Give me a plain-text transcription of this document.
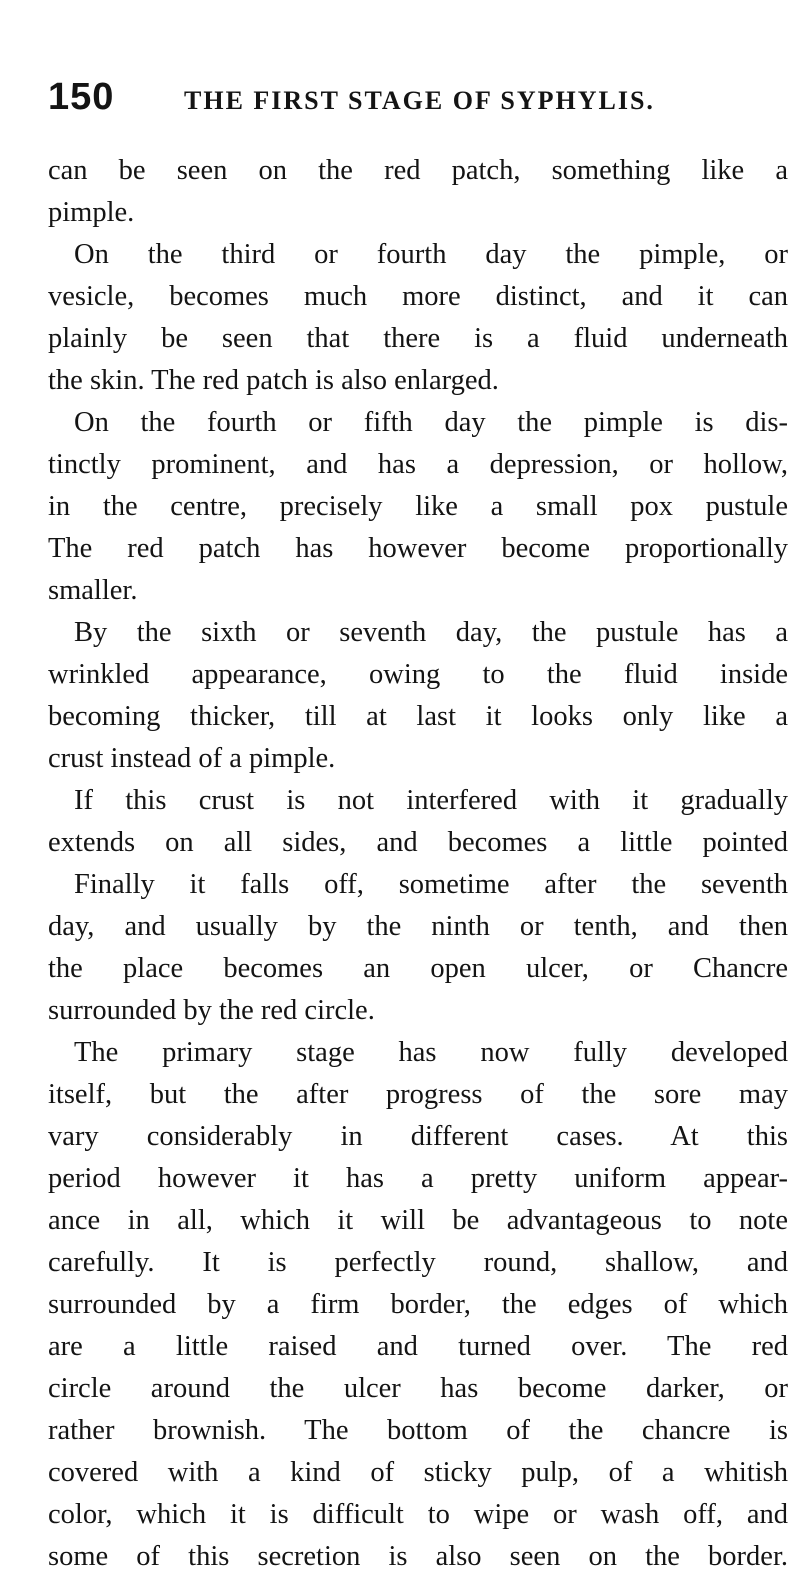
150	THE FIRST STAGE OF SYPHYLIS.
can be seen on the red patch, something like a
pimple.
On the third or fourth day the pimple, or
vesicle, becomes much more distinct, and it can
plainly be seen that there is a fluid underneath
the skin. The red patch is also enlarged.
On the fourth or fifth day the pimple is dis-
tinctly prominent, and has a depression, or hollow,
in the centre, precisely like a small pox pustule
The red patch has however become proportionally
smaller.
By the sixth or seventh day, the pustule has a
wrinkled appearance, owing to the fluid inside
becoming thicker, till at last it looks only like a
crust instead of a pimple.
If this crust is not interfered with it gradually
extends on all sides, and becomes a little pointed
Finally it falls off, sometime after the seventh
day, and usually by the ninth or tenth, and then
the place becomes an open ulcer, or Chancre
surrounded by the red circle.
The primary stage has now fully developed
itself, but the after progress of the sore may
vary considerably in different cases. At this
period however it has a pretty uniform appear-
ance in all, which it will be advantageous to note
carefully. It is perfectly round, shallow, and
surrounded by a firm border, the edges of which
are a little raised and turned over. The red
circle around the ulcer has become darker, or
rather brownish. The bottom of the chancre is
covered with a kind of sticky pulp, of a whitish
color, which it is difficult to wipe or wash off, and
some of this secretion is also seen on the border.
